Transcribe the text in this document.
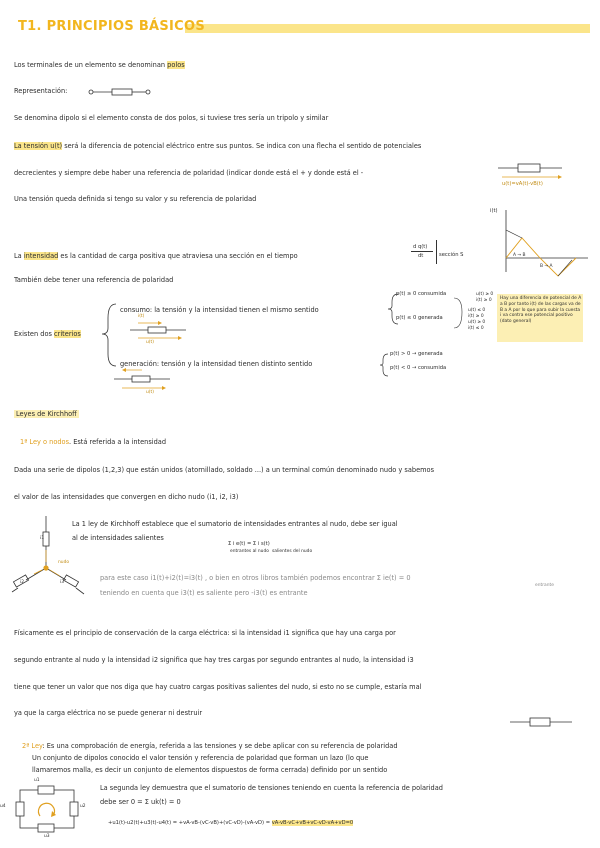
T1. PRINCIPIOS BÁSICOS
Los terminales de un elemento se denominan polos
Representación:
Se denomina dipolo si el elemento consta de dos polos, si tuviese tres sería un tripolo y similar
La tensión u(t) será la diferencia de potencial eléctrico entre sus puntos. Se indica con una flecha el sentido de potenciales
decrecientes y siempre debe haber una referencia de polaridad (indicar donde está el + y donde está el -
Una tensión queda definida si tengo su valor y su referencia de polaridad
u(t)=vA(t)-vB(t)
La intensidad es la cantidad de carga positiva que atraviesa una sección en el tiempo
d q(t)
dt	sección S
También debe tener una referencia de polaridad
i(t)
A → B
B → A
Hay una diferencia de potencial de A a B por tanto i(t) de las cargas va de B a A por lo que para subir la cuesta i va contra ese potencial positivo (dato general)
Existen dos criterios
consumo: la tensión y la intensidad tienen el mismo sentido
i(t)
u(t)
p(t) ≥ 0 consumida
p(t) ≤ 0 generada
u(t) ≥ 0
i(t) ≥ 0
u(t) ≤ 0
i(t) ≥ 0
u(t) ≥ 0
i(t) ≤ 0
generación: tensión y la intensidad tienen distinto sentido
u(t)
p(t) > 0 → generada
p(t) < 0 → consumida
Leyes de Kirchhoff
1ª Ley o nodos. Está referida a la intensidad
Dada una serie de dipolos (1,2,3) que están unidos (atornillado, soldado ...) a un terminal común denominado nudo y sabemos
el valor de las intensidades que convergen en dicho nudo (i1, i2, i3)
nudo
i1
i2	i3
La 1 ley de Kirchhoff establece que el sumatorio de intensidades entrantes al nudo, debe ser igual
al de intensidades salientes
Σ i e(t) = Σ i s(t)
entrantes al nudo salientes del nudo
para este caso i1(t)+i2(t)=i3(t) , o bien en otros libros también podemos encontrar Σ ie(t) = 0
entrante
teniendo en cuenta que i3(t) es saliente pero -i3(t) es entrante
Físicamente es el principio de conservación de la carga eléctrica: si la intensidad i1 significa que hay una carga por
segundo entrante al nudo y la intensidad i2 significa que hay tres cargas por segundo entrantes al nudo, la intensidad i3
tiene que tener un valor que nos diga que hay cuatro cargas positivas salientes del nudo, si esto no se cumple, estaría mal
ya que la carga eléctrica no se puede generar ni destruir
2ª Ley: Es una comprobación de energía, referida a las tensiones y se debe aplicar con su referencia de polaridad
Un conjunto de dipolos conocido el valor tensión y referencia de polaridad que forman un lazo (lo que
llamaremos malla, es decir un conjunto de elementos dispuestos de forma cerrada) definido por un sentido
La segunda ley demuestra que el sumatorio de tensiones teniendo en cuenta la referencia de polaridad
debe ser 0 = Σ uk(t) = 0
u1
u2
u3
u4
+u1(t)-u2(t)+u3(t)-u4(t) = +vA-vB-(vC-vB)+(vC-vD)-(vA-vD) = vA-vB-vC+vB+vC-vD-vA+vD=0
